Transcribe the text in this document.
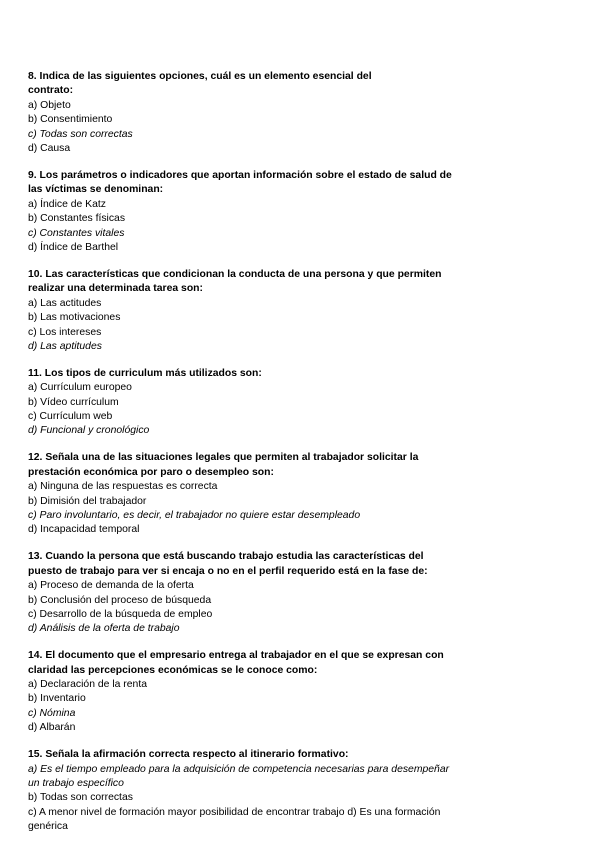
8. Indica de las siguientes opciones, cuál es un elemento esencial del
contrato:

a) Objeto

b) Consentimiento

c) Todas son correctas

d) Causa

9. Los parámetros o indicadores que aportan información sobre el estado de salud de
las víctimas se denominan:

a) Índice de Katz

b) Constantes físicas

c) Constantes vitales

d) Índice de Barthel

10. Las características que condicionan la conducta de una persona y que permiten
realizar una determinada tarea son:

a) Las actitudes

b) Las motivaciones

c) Los intereses

d) Las aptitudes

11. Los tipos de curriculum más utilizados son:

a) Currículum europeo

b) Vídeo currículum

c) Currículum web

d) Funcional y cronológico

12. Señala una de las situaciones legales que permiten al trabajador solicitar la
prestación económica por paro o desempleo son:

a) Ninguna de las respuestas es correcta

b) Dimisión del trabajador

c) Paro involuntario, es decir, el trabajador no quiere estar desempleado

d) Incapacidad temporal

13. Cuando la persona que está buscando trabajo estudia las características del
puesto de trabajo para ver si encaja o no en el perfil requerido está en la fase de:

a) Proceso de demanda de la oferta

b) Conclusión del proceso de búsqueda

c) Desarrollo de la búsqueda de empleo

d) Análisis de la oferta de trabajo

14. El documento que el empresario entrega al trabajador en el que se expresan con
claridad las percepciones económicas se le conoce como:

a) Declaración de la renta

b) Inventario

c) Nómina

d) Albarán

15. Señala la afirmación correcta respecto al itinerario formativo:

a) Es el tiempo empleado para la adquisición de competencia necesarias para desempeñar

un trabajo específico

b) Todas son correctas

c) A menor nivel de formación mayor posibilidad de encontrar trabajo d) Es una formación

genérica
